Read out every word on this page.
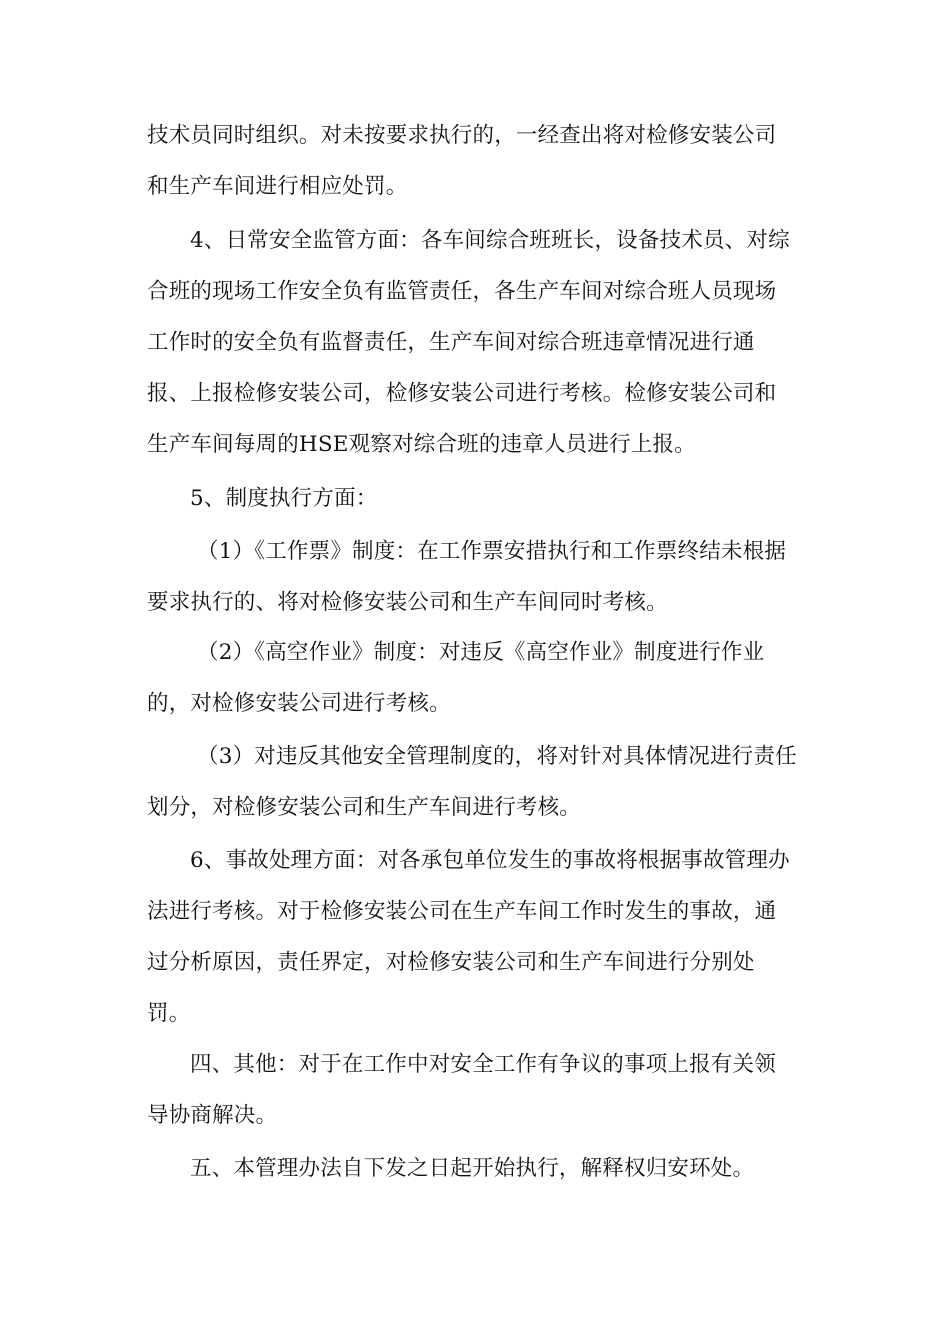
技术员同时组织。对未按要求执行的，一经查出将对检修安装公司
和生产车间进行相应处罚。
4、日常安全监管方面：各车间综合班班长，设备技术员、对综
合班的现场工作安全负有监管责任，各生产车间对综合班人员现场
工作时的安全负有监督责任，生产车间对综合班违章情况进行通
报、上报检修安装公司，检修安装公司进行考核。检修安装公司和
生产车间每周的HSE观察对综合班的违章人员进行上报。
5、制度执行方面：
（1）《工作票》制度：在工作票安措执行和工作票终结未根据
要求执行的、将对检修安装公司和生产车间同时考核。
（2）《高空作业》制度：对违反《高空作业》制度进行作业
的，对检修安装公司进行考核。
（3）对违反其他安全管理制度的，将对针对具体情况进行责任
划分，对检修安装公司和生产车间进行考核。
6、事故处理方面：对各承包单位发生的事故将根据事故管理办
法进行考核。对于检修安装公司在生产车间工作时发生的事故，通
过分析原因，责任界定，对检修安装公司和生产车间进行分别处
罚。
四、其他：对于在工作中对安全工作有争议的事项上报有关领
导协商解决。
五、本管理办法自下发之日起开始执行，解释权归安环处。
